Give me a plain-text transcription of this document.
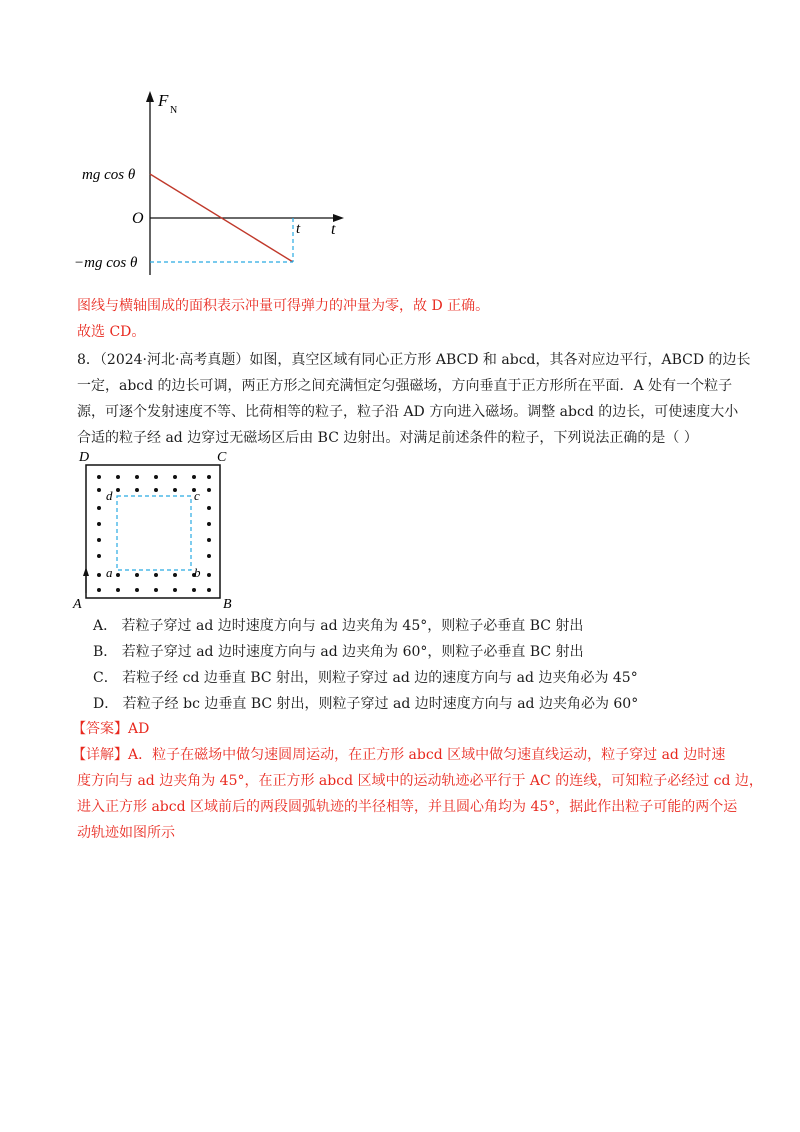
F
N
mg cos θ
O
−mg cos θ
t t
图线与横轴围成的面积表示冲量可得弹力的冲量为零，故 D 正确。
故选 CD。
8．（2024·河北·高考真题）如图，真空区域有同心正方形 ABCD 和 abcd，其各对应边平行，ABCD 的边长
一定，abcd 的边长可调，两正方形之间充满恒定匀强磁场，方向垂直于正方形所在平面．A 处有一个粒子
源，可逐个发射速度不等、比荷相等的粒子，粒子沿 AD 方向进入磁场。调整 abcd 的边长，可使速度大小
合适的粒子经 ad 边穿过无磁场区后由 BC 边射出。对满足前述条件的粒子，下列说法正确的是（ ）
D	C
A	B
d	c
a	b
A． 若粒子穿过 ad 边时速度方向与 ad 边夹角为 45°，则粒子必垂直 BC 射出
B． 若粒子穿过 ad 边时速度方向与 ad 边夹角为 60°，则粒子必垂直 BC 射出
C． 若粒子经 cd 边垂直 BC 射出，则粒子穿过 ad 边的速度方向与 ad 边夹角必为 45°
D． 若粒子经 bc 边垂直 BC 射出，则粒子穿过 ad 边时速度方向与 ad 边夹角必为 60°
【答案】AD
【详解】A．粒子在磁场中做匀速圆周运动，在正方形 abcd 区域中做匀速直线运动，粒子穿过 ad 边时速
度方向与 ad 边夹角为 45°，在正方形 abcd 区域中的运动轨迹必平行于 AC 的连线，可知粒子必经过 cd 边，
进入正方形 abcd 区域前后的两段圆弧轨迹的半径相等，并且圆心角均为 45°，据此作出粒子可能的两个运
动轨迹如图所示
